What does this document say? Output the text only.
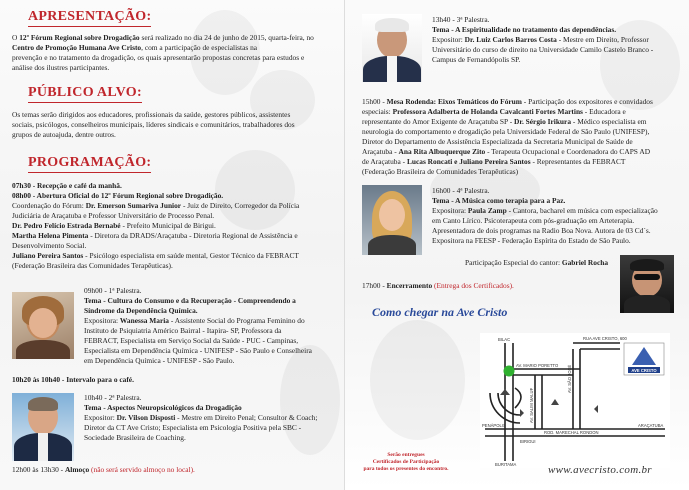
APRESENTAÇÃO:
O 12º Fórum Regional sobre Drogadição será realizado no dia 24 de junho de 2015, quarta-feira, no
Centro de Promoção Humana Ave Cristo, com a participação de especialistas na
prevenção e no tratamento da drogadição, os quais apresentarão propostas concretas para estudos e
análise dos ilustres participantes.
PÚBLICO ALVO:
Os temas serão dirigidos aos educadores, profissionais da saúde, gestores públicos, assistentes
sociais, psicólogos, conselheiros municipais, líderes sindicais e comunitários, trabalhadores dos
grupos de autoajuda, dentre outros.
PROGRAMAÇÃO:
07h30 - Recepção e café da manhã.
08h00 - Abertura Oficial do 12º Fórum Regional sobre Drogadição.
Coordenação do Fórum: Dr. Emerson Sumariva Junior - Juiz de Direito, Corregedor da Polícia
Judiciária de Araçatuba e Professor Universitário de Processo Penal.
Dr. Pedro Felício Estrada Bernabé - Prefeito Municipal de Birigui.
Martha Helena Pimenta - Diretora da DRADS/Araçatuba - Diretoria Regional de Assistência e
Desenvolvimento Social.
Juliano Pereira Santos - Psicólogo especialista em saúde mental, Gestor Técnico da FEBRACT
(Federação Brasileira das Comunidades Terapêuticas).
09h00 - 1ª Palestra.
Tema - Cultura do Consumo e da Recuperação - Compreendendo a
Síndrome da Dependência Química.
Expositora: Wanessa Maria - Assistente Social do Programa Feminino do
Instituto de Psiquiatria Américo Bairral - Itapira- SP, Professora da
FEBRACT, Especialista em Serviço Social da Saúde - PUC - Campinas,
Especialista em Dependência Química - UNIFESP - São Paulo e Conselheira
em Dependência Química - UNIFESP - São Paulo.
10h20 às 10h40 - Intervalo para o café.
10h40 - 2ª Palestra.
Tema - Aspectos Neuropsicológicos da Drogadição
Expositor: Dr. Vilson Disposti - Mestre em Direito Penal; Consultor & Coach;
Diretor da CT Ave Cristo; Especialista em Psicologia Positiva pela SBC -
Sociedade Brasileira de Coaching.
12h00 às 13h30 - Almoço (não será servido almoço no local).
13h40 - 3ª Palestra.
Tema - A Espiritualidade no tratamento das dependências.
Expositor: Dr. Luiz Carlos Barros Costa - Mestre em Direito, Professor
Universitário do curso de direito na Universidade Camilo Castelo Branco -
Campus de Fernandópolis SP.
15h00 - Mesa Rodenda: Eixos Temáticos do Fórum - Participação dos expositores e convidados
especiais: Professora Adalberta de Holanda Cavalcanti Fortes Martins - Educadora e
representante do Amor Exigente de Araçatuba SP - Dr. Sérgio Irikura - Médico especialista em
neurologia do comportamento e drogadição pela Universidade Federal de São Paulo (UNIFESP),
Diretor do Departamento de Assistência Especializada da Secretaria Municipal de Saúde de
Araçatuba - Ana Rita Albuquerque Zito - Terapeuta Ocupacional e Coordenadora do CAPS AD
de Araçatuba - Lucas Roncati e Juliano Pereira Santos - Representantes da FEBRACT
(Federação Brasileira de Comunidades Terapêuticas)
16h00 - 4ª Palestra.
Tema - A Música como terapia para a Paz.
Expositora: Paula Zamp - Cantora, bacharel em música com especialização
em Canto Lírico. Psicoterapeuta com pós-graduação em Arteterapia.
Apresentadora de dois programas na Radio Boa Nova. Autora de 03 Cd´s.
Expositora na FEESP - Federação Espírita do Estado de São Paulo.
Participação Especial do cantor: Gabriel Rocha
17h00 - Encerramento (Entrega dos Certificados).
Como chegar na Ave Cristo
AVE CRISTO
BILAC	RUA AVE CRISTO, 600
AV. MARIO PORETTO
PENÁPOLIS
BIRIGUI
ROD. MARECHAL RONDON
ARAÇATUBA
BURITAMA
AV. SÃO JOSÉ
AV. SALIM MALUF
Serão entregues
Certificados de Participação
para todos os presentes do encontro.	www.avecristo.com.br
